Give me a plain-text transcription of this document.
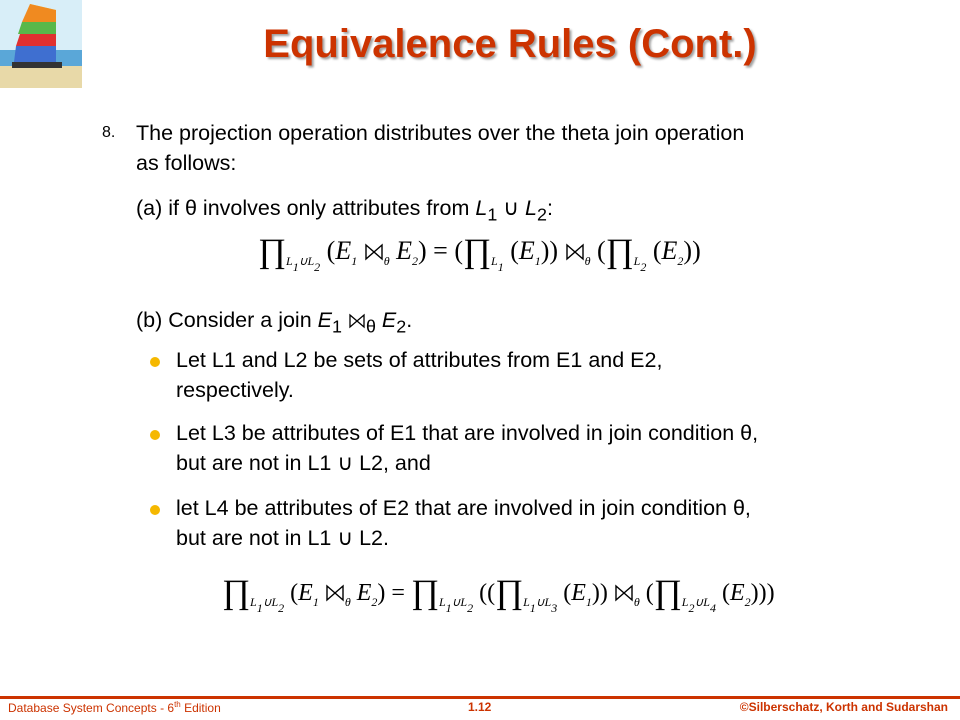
Equivalence Rules (Cont.)
8. The projection operation distributes over the theta join operation
as follows:
(a) if θ involves only attributes from $L_1$ ∪ $L_2$:
$\prod_{L_1\cup L_2}$ ($E_1$ $_\theta$ $E_2$) = ($\prod_{L_1}$ $(E_1)$) $_\theta$ ($\prod_{L_2}$ $(E_2)$)
(b) Consider a join $E_1$ $_\theta$ $E_2$.
Let L1 and L2 be sets of attributes from E1 and E2,
respectively.
Let L3 be attributes of E1 that are involved in join condition θ,
but are not in L1 ∪ L2, and
let L4 be attributes of E2 that are involved in join condition θ,
but are not in L1 ∪ L2.
$\prod_{L_1\cup L_2}$ ($E_1$ $_\theta$ $E_2$) = $\prod_{L_1\cup L_2}$ (($\prod_{L_1\cup L_3}$ $(E_1)$) $_\theta$ ($\prod_{L_2\cup L_4}$ $(E_2)$))
Database System Concepts - 6th Edition	1.12	©Silberschatz, Korth and Sudarshan
